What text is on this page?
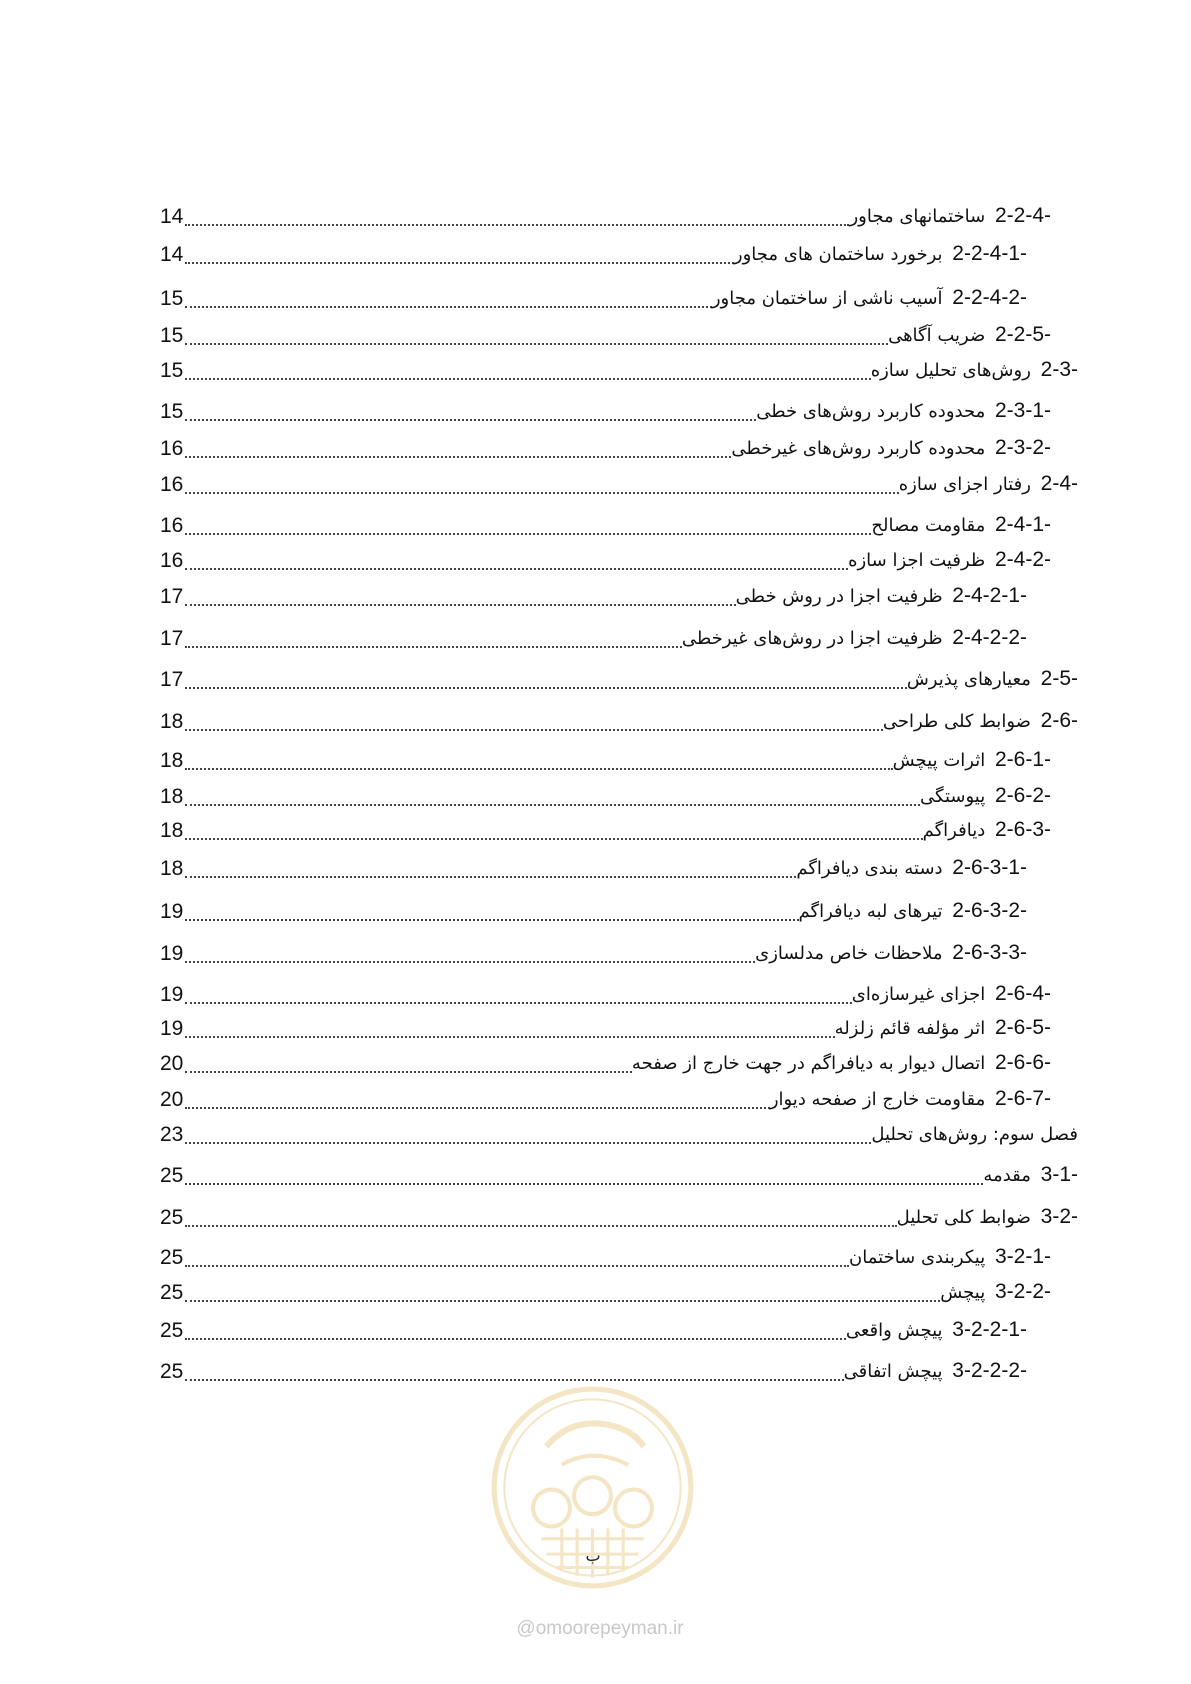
14	2-2-4- ساختمانهای مجاور
14	2-2-4-1- برخورد ساختمان های مجاور
15	2-2-4-2- آسیب ناشی از ساختمان مجاور
15	2-2-5- ضریب آگاهی
15	2-3- روش‌های تحلیل سازه
15	2-3-1- محدوده کاربرد روش‌های خطی
16	2-3-2- محدوده کاربرد روش‌های غیرخطی
16	2-4- رفتار اجزای سازه
16	2-4-1- مقاومت مصالح
16	2-4-2- ظرفیت اجزا سازه
17	2-4-2-1- ظرفیت اجزا در روش خطی
17	2-4-2-2- ظرفیت اجزا در روش‌های غیرخطی
17	2-5- معیارهای پذیرش
18	2-6- ضوابط کلی طراحی
18	2-6-1- اثرات پیچش
18	2-6-2- پیوستگی
18	2-6-3- دیافراگم
18	2-6-3-1- دسته بندی دیافراگم
19	2-6-3-2- تیرهای لبه دیافراگم
19	2-6-3-3- ملاحظات خاص مدلسازی
19	2-6-4- اجزای غیرسازه‌ای
19	2-6-5- اثر مؤلفه قائم زلزله
20	2-6-6- اتصال دیوار به دیافراگم در جهت خارج از صفحه
20	2-6-7- مقاومت خارج از صفحه دیوار
23	فصل سوم: روش‌های تحلیل
25	3-1- مقدمه
25	3-2- ضوابط کلی تحلیل
25	3-2-1- پیکربندی ساختمان
25	3-2-2- پیچش
25	3-2-2-1- پیچش واقعی
25	3-2-2-2- پیچش اتفاقی
ب
@omoorepeyman.ir
